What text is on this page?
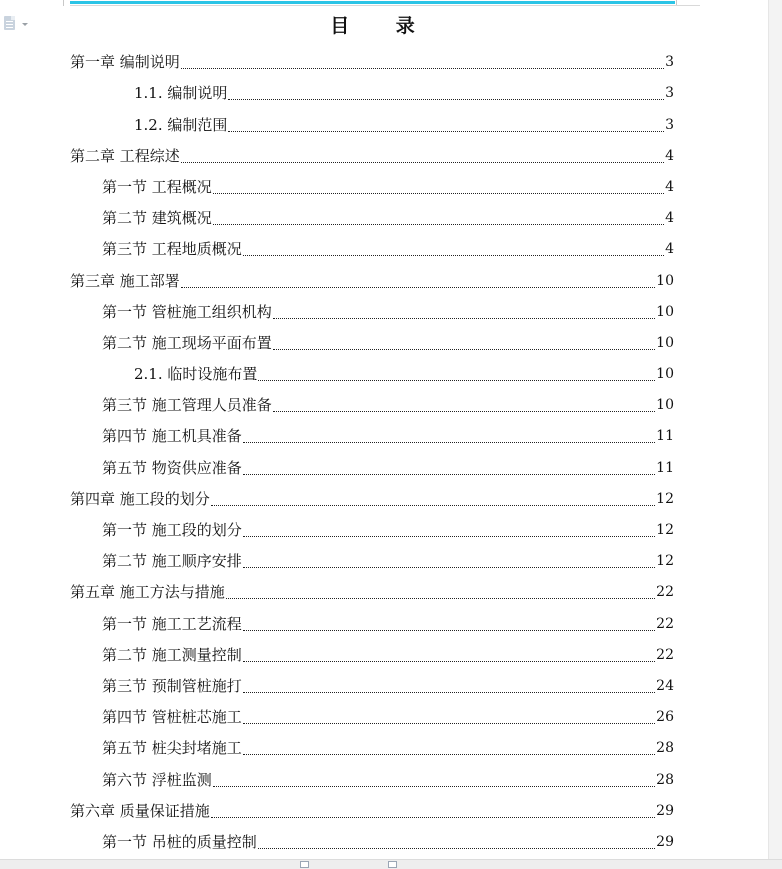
目 录
第一章 编制说明	3
1.1. 编制说明	3
1.2. 编制范围	3
第二章 工程综述	4
第一节 工程概况	4
第二节 建筑概况	4
第三节 工程地质概况	4
第三章 施工部署	10
第一节 管桩施工组织机构	10
第二节 施工现场平面布置	10
2.1. 临时设施布置	10
第三节 施工管理人员准备	10
第四节 施工机具准备	11
第五节 物资供应准备	11
第四章 施工段的划分	12
第一节 施工段的划分	12
第二节 施工顺序安排	12
第五章 施工方法与措施	22
第一节 施工工艺流程	22
第二节 施工测量控制	22
第三节 预制管桩施打	24
第四节 管桩桩芯施工	26
第五节 桩尖封堵施工	28
第六节 浮桩监测	28
第六章 质量保证措施	29
第一节 吊桩的质量控制	29
